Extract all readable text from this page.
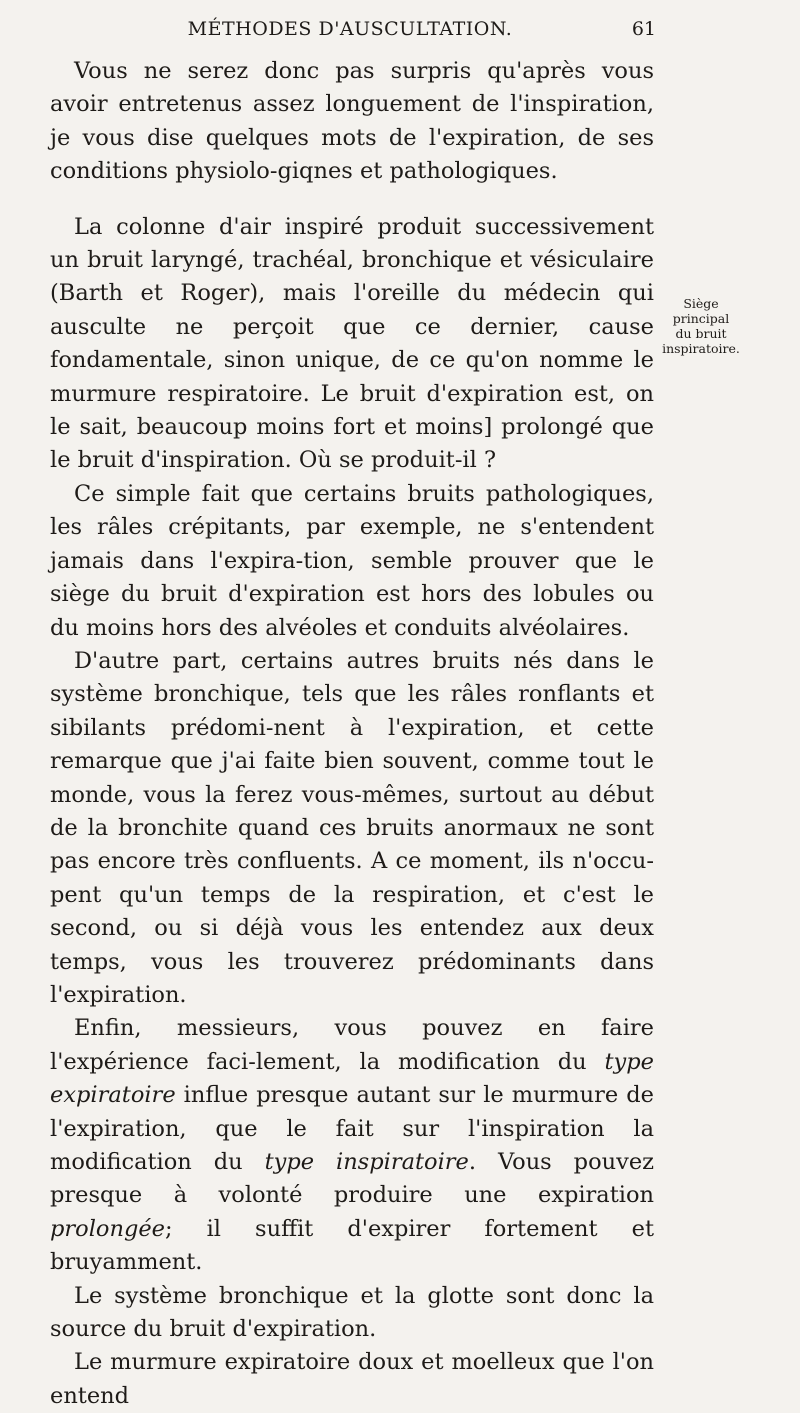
MÉTHODES D'AUSCULTATION.	61

Vous ne serez donc pas surpris qu'après vous avoir entretenus assez longuement de l'inspiration, je vous dise quelques mots de l'expiration, de ses conditions physiolo-giqnes et pathologiques.

La colonne d'air inspiré produit successivement un bruit laryngé, trachéal, bronchique et vésiculaire (Barth et Roger), mais l'oreille du médecin qui ausculte ne perçoit que ce dernier, cause fondamentale, sinon unique, de ce qu'on nomme le murmure respiratoire. Le bruit d'expiration est, on le sait, beaucoup moins fort et moins] prolongé que le bruit d'inspiration. Où se produit-il ?

Ce simple fait que certains bruits pathologiques, les râles crépitants, par exemple, ne s'entendent jamais dans l'expira-tion, semble prouver que le siège du bruit d'expiration est hors des lobules ou du moins hors des alvéoles et conduits alvéolaires.

D'autre part, certains autres bruits nés dans le système bronchique, tels que les râles ronflants et sibilants prédomi-nent à l'expiration, et cette remarque que j'ai faite bien souvent, comme tout le monde, vous la ferez vous-mêmes, surtout au début de la bronchite quand ces bruits anormaux ne sont pas encore très confluents. A ce moment, ils n'occu-pent qu'un temps de la respiration, et c'est le second, ou si déjà vous les entendez aux deux temps, vous les trouverez prédominants dans l'expiration.

Enfin, messieurs, vous pouvez en faire l'expérience faci-lement, la modification du type expiratoire influe presque autant sur le murmure de l'expiration, que le fait sur l'inspiration la modification du type inspiratoire. Vous pouvez presque à volonté produire une expiration prolongée; il suffit d'expirer fortement et bruyamment.

Le système bronchique et la glotte sont donc la source du bruit d'expiration.

Le murmure expiratoire doux et moelleux que l'on entend

Siège
principal
du bruit
inspiratoire.
